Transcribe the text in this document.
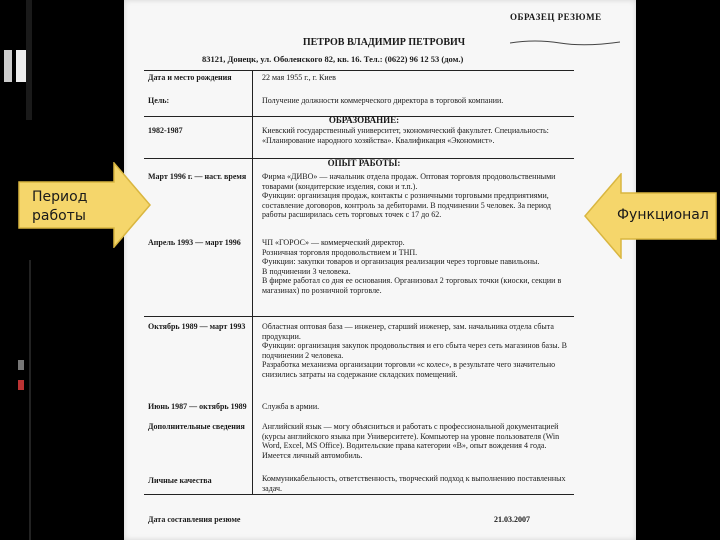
ОБРАЗЕЦ РЕЗЮМЕ
ПЕТРОВ ВЛАДИМИР ПЕТРОВИЧ
83121, Донецк, ул. Оболенского 82, кв. 16. Тел.: (0622) 96 12 53 (дом.)
Дата и место рождения	22 мая 1955 г., г. Киев
Цель:	Получение должности коммерческого директора в торговой компании.
ОБРАЗОВАНИЕ:
1982-1987	Киевский государственный университет, экономический факультет. Специальность: «Планирование народного хозяйства». Квалификация «Экономист».
ОПЫТ РАБОТЫ:
Март 1996 г. — наст. время	Фирма «ДИВО» — начальник отдела продаж. Оптовая торговля продовольственными товарами (кондитерские изделия, соки и т.п.).
Функции: организация продаж, контакты с розничными торговыми предприятиями, составление договоров, контроль за дебиторами. В подчинении 5 человек. За период работы расширилась сеть торговых точек с 17 до 62.
Апрель 1993 — март 1996	ЧП «ГОРОС» — коммерческий директор.
Розничная торговля продовольствием и ТНП.
Функции: закупки товаров и организация реализации через торговые павильоны.
В подчинении 3 человека.
В фирме работал со дня ее основания. Организовал 2 торговых точки (киоски, секции в магазинах) по розничной торговле.
Октябрь 1989 — март 1993	Областная оптовая база — инженер, старший инженер, зам. начальника отдела сбыта продукции.
Функции: организация закупок продовольствия и его сбыта через сеть магазинов базы. В подчинении 2 человека.
Разработка механизма организации торговли «с колес», в результате чего значительно снизились затраты на содержание складских помещений.
Июнь 1987 — октябрь 1989	Служба в армии.
Дополнительные сведения	Английский язык — могу объясниться и работать с профессиональной документацией (курсы английского языка при Университете). Компьютер на уровне пользователя (Win Word, Excel, MS Office). Водительские права категории «B», опыт вождения 4 года. Имеется личный автомобиль.
Личные качества	Коммуникабельность, ответственность, творческий подход к выполнению поставленных задач.
Дата составления резюме	21.03.2007
Период работы	Функционал
